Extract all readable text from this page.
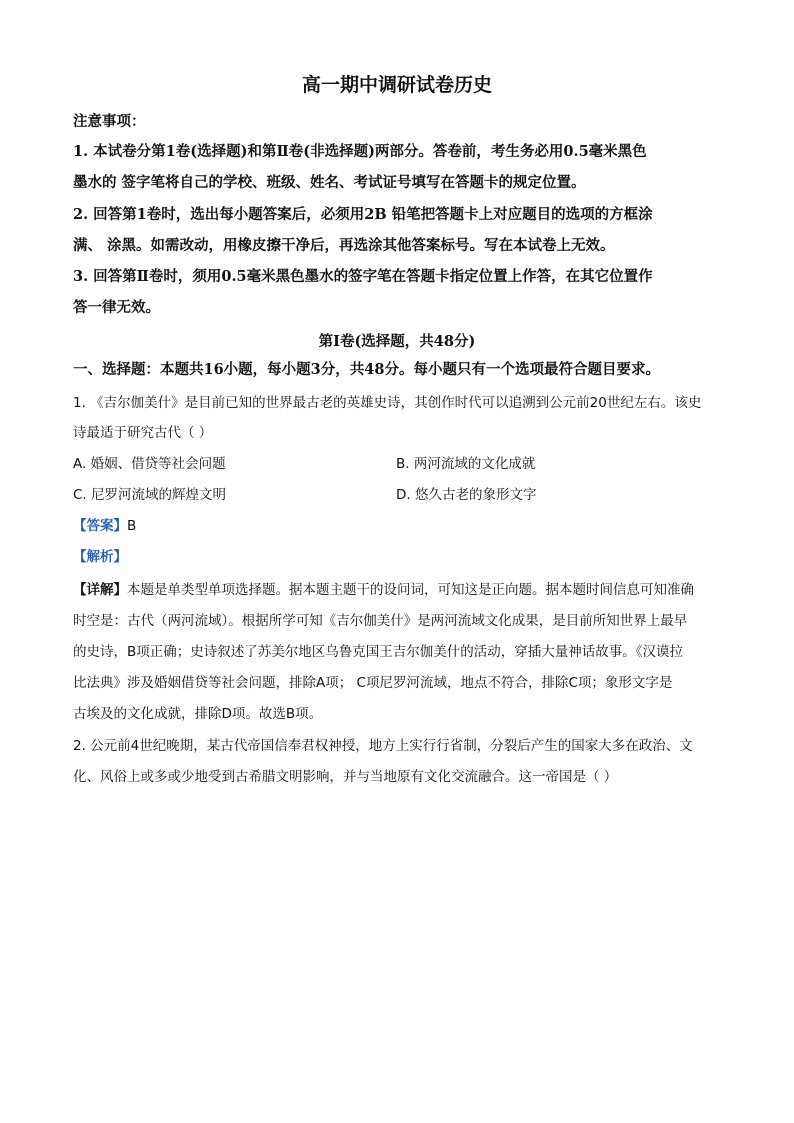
高一期中调研试卷历史
注意事项：
1. 本试卷分第1卷(选择题)和第Ⅱ卷(非选择题)两部分。答卷前，考生务必用0.5毫米黑色
墨水的 签字笔将自己的学校、班级、姓名、考试证号填写在答题卡的规定位置。
2. 回答第1卷时，选出每小题答案后，必须用2B 铅笔把答题卡上对应题目的选项的方框涂
满、 涂黑。如需改动，用橡皮擦干净后，再选涂其他答案标号。写在本试卷上无效。
3. 回答第Ⅱ卷时，须用0.5毫米黑色墨水的签字笔在答题卡指定位置上作答，在其它位置作
答一律无效。
第Ⅰ卷(选择题，共48分)
一、选择题：本题共16小题，每小题3分，共48分。每小题只有一个选项最符合题目要求。
1. 《吉尔伽美什》是目前已知的世界最古老的英雄史诗，其创作时代可以追溯到公元前20世纪左右。该史
诗最适于研究古代（ ）
A. 婚姻、借贷等社会问题	B. 两河流域的文化成就
C. 尼罗河流域的辉煌文明	D. 悠久古老的象形文字
【答案】B
【解析】
【详解】本题是单类型单项选择题。据本题主题干的设问词，可知这是正向题。据本题时间信息可知准确
时空是：古代（两河流域）。根据所学可知《吉尔伽美什》是两河流域文化成果，是目前所知世界上最早
的史诗，B项正确；史诗叙述了苏美尔地区乌鲁克国王吉尔伽美什的活动，穿插大量神话故事。《汉谟拉
比法典》涉及婚姻借贷等社会问题，排除A项； C项尼罗河流域，地点不符合，排除C项；象形文字是
古埃及的文化成就，排除D项。故选B项。
2. 公元前4世纪晚期，某古代帝国信奉君权神授，地方上实行行省制，分裂后产生的国家大多在政治、文
化、风俗上或多或少地受到古希腊文明影响，并与当地原有文化交流融合。这一帝国是（ ）
